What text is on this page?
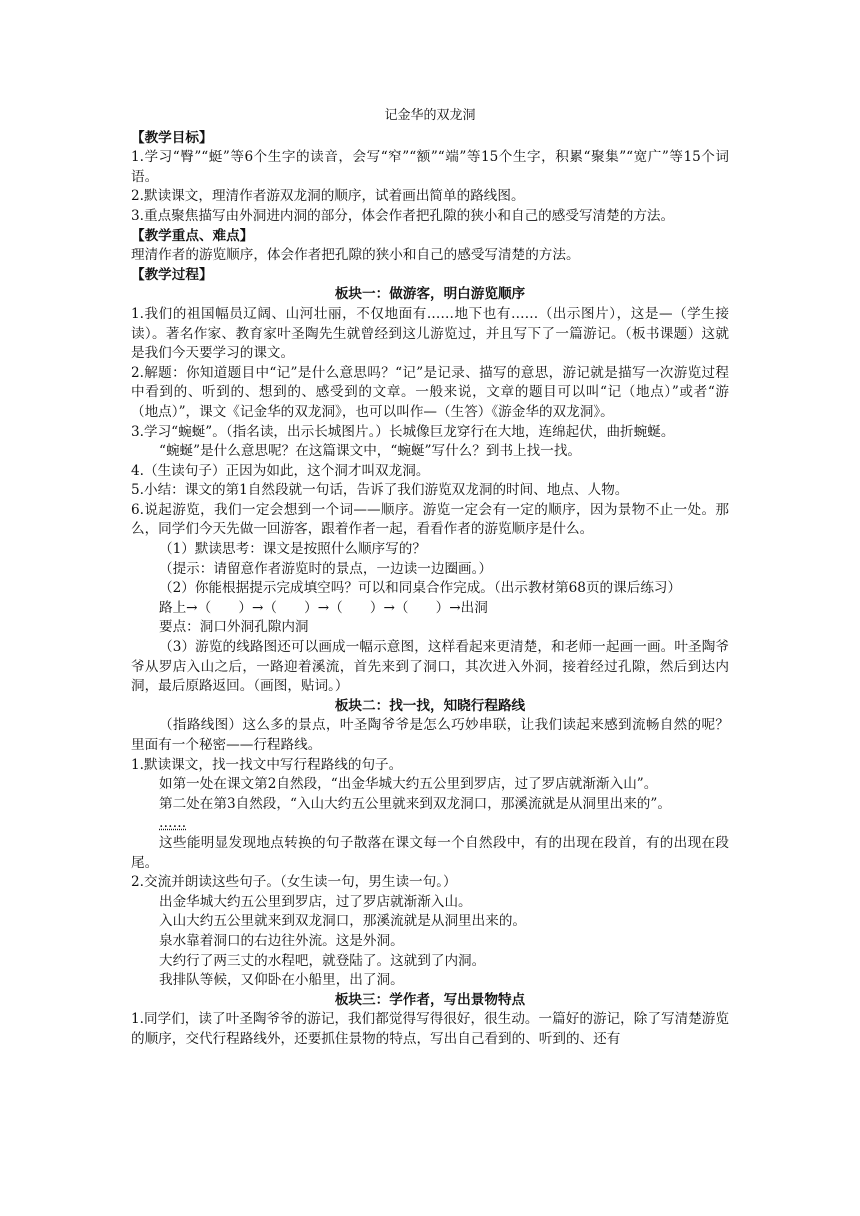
记金华的双龙洞

【教学目标】

1.学习“臀”“蜓”等6个生字的读音，会写“窄”“额”“端”等15个生字，积累“聚集”“宽广”等15个词语。

2.默读课文，理清作者游双龙洞的顺序，试着画出简单的路线图。

3.重点聚焦描写由外洞进内洞的部分，体会作者把孔隙的狭小和自己的感受写清楚的方法。

【教学重点、难点】

理清作者的游览顺序，体会作者把孔隙的狭小和自己的感受写清楚的方法。

【教学过程】

板块一：做游客，明白游览顺序

1.我们的祖国幅员辽阔、山河壮丽，不仅地面有……地下也有……（出示图片），这是—（学生接读）。著名作家、教育家叶圣陶先生就曾经到这儿游览过，并且写下了一篇游记。（板书课题）这就是我们今天要学习的课文。

2.解题：你知道题目中“记”是什么意思吗？“记”是记录、描写的意思，游记就是描写一次游览过程中看到的、听到的、想到的、感受到的文章。一般来说，文章的题目可以叫“记（地点）”或者“游（地点）”，课文《记金华的双龙洞》，也可以叫作—（生答）《游金华的双龙洞》。

3.学习“蜿蜒”。（指名读，出示长城图片。）长城像巨龙穿行在大地，连绵起伏，曲折蜿蜒。

“蜿蜒”是什么意思呢？在这篇课文中，“蜿蜒”写什么？到书上找一找。

4.（生读句子）正因为如此，这个洞才叫双龙洞。

5.小结：课文的第1自然段就一句话，告诉了我们游览双龙洞的时间、地点、人物。

6.说起游览，我们一定会想到一个词——顺序。游览一定会有一定的顺序，因为景物不止一处。那么，同学们今天先做一回游客，跟着作者一起，看看作者的游览顺序是什么。

（1）默读思考：课文是按照什么顺序写的？

（提示：请留意作者游览时的景点，一边读一边圈画。）

（2）你能根据提示完成填空吗？可以和同桌合作完成。（出示教材第68页的课后练习）

路上→（　　）→（　　）→（　　）→（　　）→出洞

要点：洞口外洞孔隙内洞

（3）游览的线路图还可以画成一幅示意图，这样看起来更清楚，和老师一起画一画。叶圣陶爷爷从罗店入山之后，一路迎着溪流，首先来到了洞口，其次进入外洞，接着经过孔隙，然后到达内洞，最后原路返回。（画图，贴词。）

板块二：找一找，知晓行程路线

（指路线图）这么多的景点，叶圣陶爷爷是怎么巧妙串联，让我们读起来感到流畅自然的呢？里面有一个秘密——行程路线。

1.默读课文，找一找文中写行程路线的句子。

如第一处在课文第2自然段，“出金华城大约五公里到罗店，过了罗店就渐渐入山”。

第二处在第3自然段，“入山大约五公里就来到双龙洞口，那溪流就是从洞里出来的”。

……

这些能明显发现地点转换的句子散落在课文每一个自然段中，有的出现在段首，有的出现在段尾。

2.交流并朗读这些句子。（女生读一句，男生读一句。）

出金华城大约五公里到罗店，过了罗店就渐渐入山。

入山大约五公里就来到双龙洞口，那溪流就是从洞里出来的。

泉水靠着洞口的右边往外流。这是外洞。

大约行了两三丈的水程吧，就登陆了。这就到了内洞。

我排队等候，又仰卧在小船里，出了洞。

板块三：学作者，写出景物特点

1.同学们，读了叶圣陶爷爷的游记，我们都觉得写得很好，很生动。一篇好的游记，除了写清楚游览的顺序，交代行程路线外，还要抓住景物的特点，写出自己看到的、听到的、还有
